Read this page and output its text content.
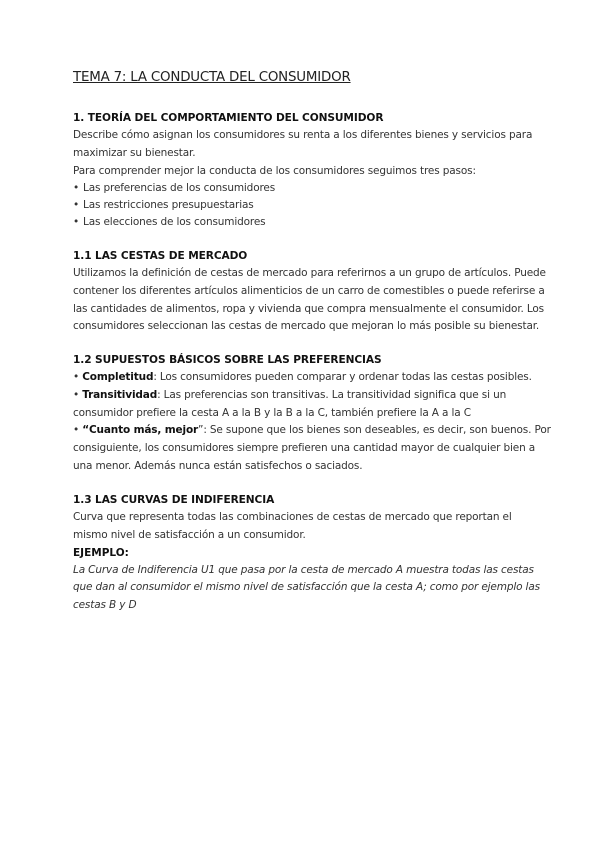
TEMA 7: LA CONDUCTA DEL CONSUMIDOR
1. TEORÍA DEL COMPORTAMIENTO DEL CONSUMIDOR
Describe cómo asignan los consumidores su renta a los diferentes bienes y servicios para
maximizar su bienestar.
Para comprender mejor la conducta de los consumidores seguimos tres pasos:
• Las preferencias de los consumidores
• Las restricciones presupuestarias
• Las elecciones de los consumidores
1.1 LAS CESTAS DE MERCADO
Utilizamos la definición de cestas de mercado para referirnos a un grupo de artículos. Puede
contener los diferentes artículos alimenticios de un carro de comestibles o puede referirse a
las cantidades de alimentos, ropa y vivienda que compra mensualmente el consumidor. Los
consumidores seleccionan las cestas de mercado que mejoran lo más posible su bienestar.
1.2 SUPUESTOS BÁSICOS SOBRE LAS PREFERENCIAS
• Completitud: Los consumidores pueden comparar y ordenar todas las cestas posibles.
• Transitividad: Las preferencias son transitivas. La transitividad significa que si un
consumidor prefiere la cesta A a la B y la B a la C, también prefiere la A a la C
• “Cuanto más, mejor”: Se supone que los bienes son deseables, es decir, son buenos. Por
consiguiente, los consumidores siempre prefieren una cantidad mayor de cualquier bien a
una menor. Además nunca están satisfechos o saciados.
1.3 LAS CURVAS DE INDIFERENCIA
Curva que representa todas las combinaciones de cestas de mercado que reportan el
mismo nivel de satisfacción a un consumidor.
EJEMPLO:
La Curva de Indiferencia U1 que pasa por la cesta de mercado A muestra todas las cestas
que dan al consumidor el mismo nivel de satisfacción que la cesta A; como por ejemplo las
cestas B y D
